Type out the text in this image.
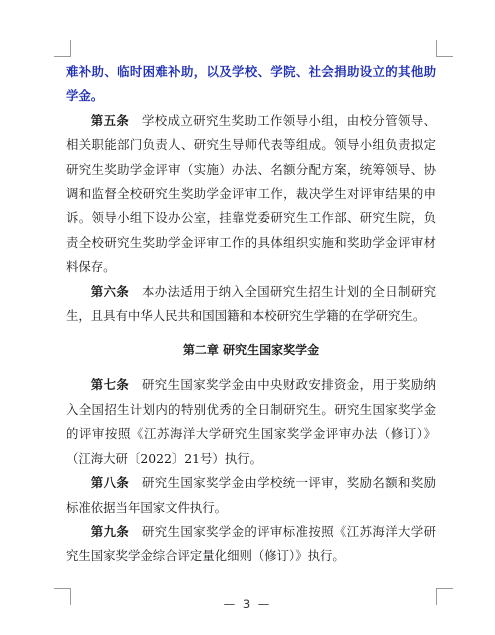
难补助、临时困难补助，以及学校、学院、社会捐助设立的其他助学金。

第五条  学校成立研究生奖助工作领导小组，由校分管领导、相关职能部门负责人、研究生导师代表等组成。领导小组负责拟定研究生奖助学金评审（实施）办法、名额分配方案，统筹领导、协调和监督全校研究生奖助学金评审工作，裁决学生对评审结果的申诉。领导小组下设办公室，挂靠党委研究生工作部、研究生院，负责全校研究生奖助学金评审工作的具体组织实施和奖助学金评审材料保存。

第六条  本办法适用于纳入全国研究生招生计划的全日制研究生，且具有中华人民共和国国籍和本校研究生学籍的在学研究生。

第二章 研究生国家奖学金

第七条  研究生国家奖学金由中央财政安排资金，用于奖励纳入全国招生计划内的特别优秀的全日制研究生。研究生国家奖学金的评审按照《江苏海洋大学研究生国家奖学金评审办法（修订）》（江海大研〔2022〕21号）执行。

第八条  研究生国家奖学金由学校统一评审，奖励名额和奖励标准依据当年国家文件执行。

第九条  研究生国家奖学金的评审标准按照《江苏海洋大学研究生国家奖学金综合评定量化细则（修订）》执行。

— 3 —
